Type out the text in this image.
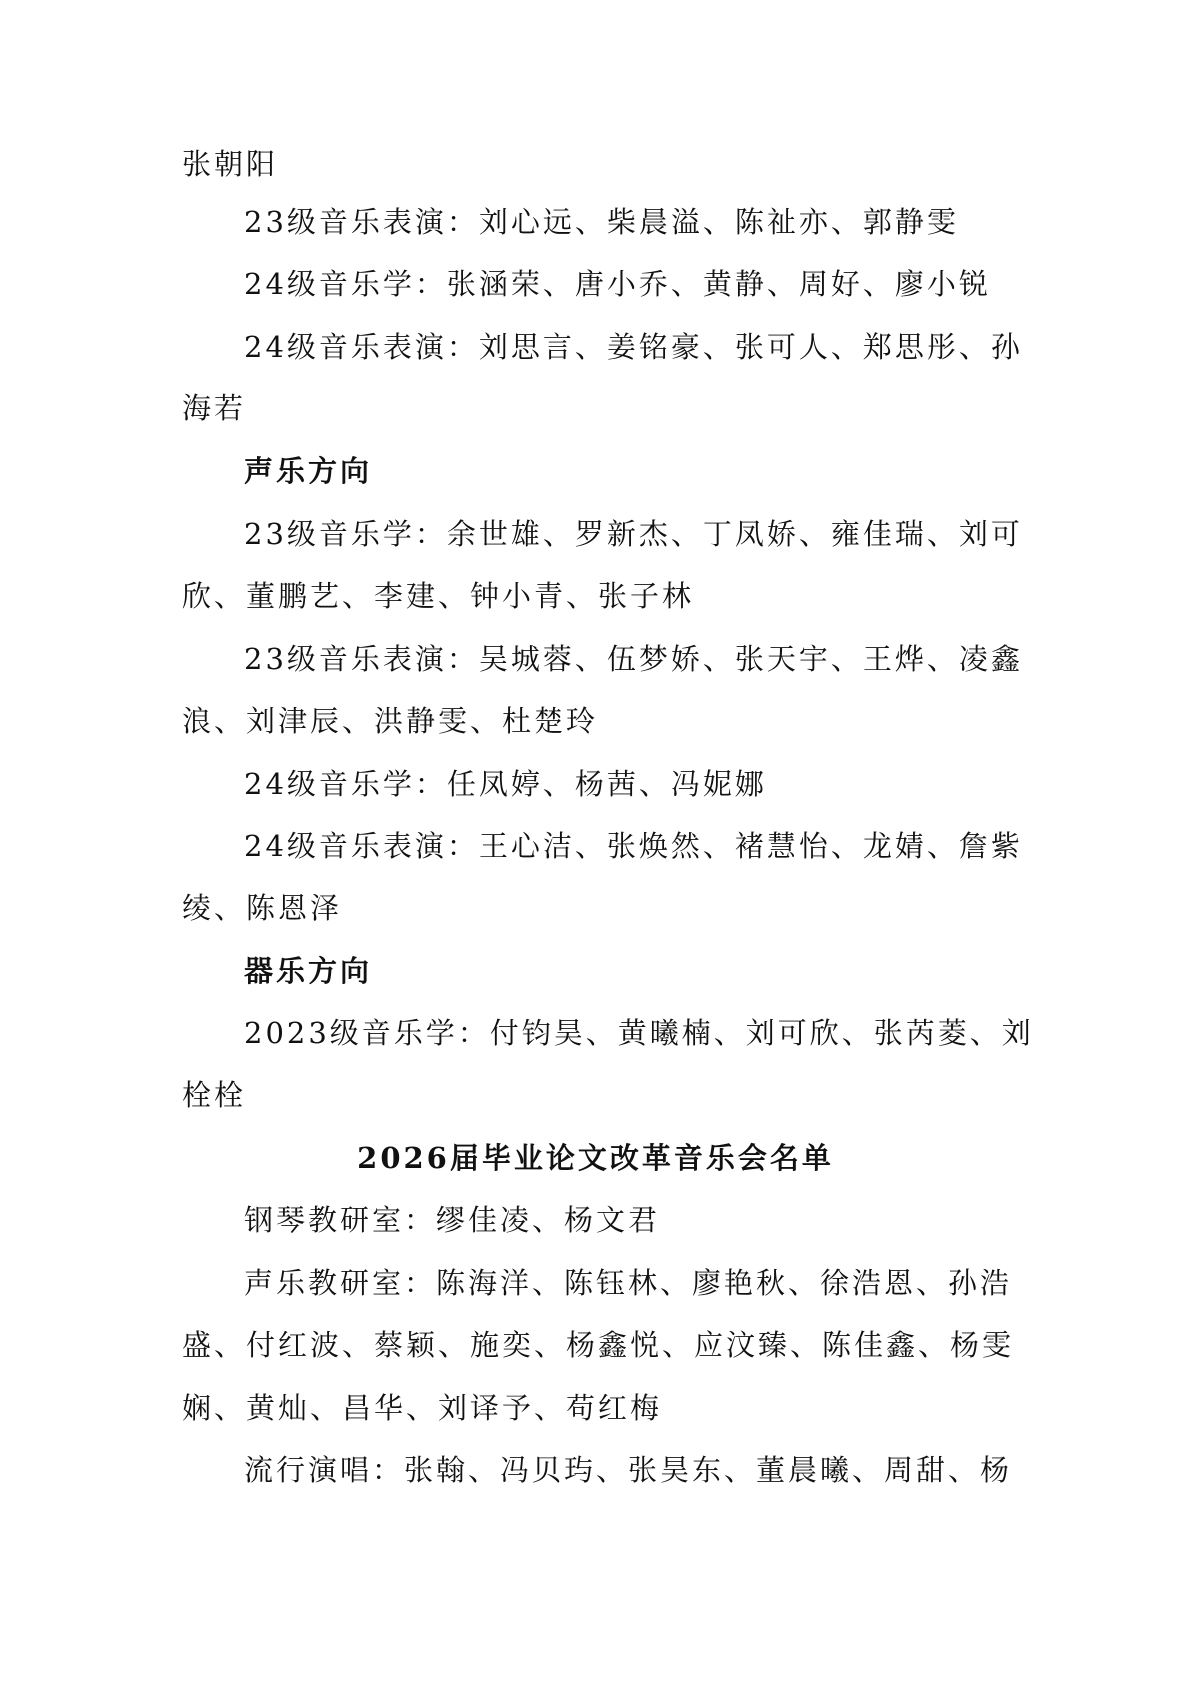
张朝阳
23级音乐表演：刘心远、柴晨溢、陈祉亦、郭静雯
24级音乐学：张涵荣、唐小乔、黄静、周好、廖小锐
24级音乐表演：刘思言、姜铭豪、张可人、郑思彤、孙
海若
声乐方向
23级音乐学：余世雄、罗新杰、丁凤娇、雍佳瑞、刘可
欣、董鹏艺、李建、钟小青、张子林
23级音乐表演：吴城蓉、伍梦娇、张天宇、王烨、凌鑫
浪、刘津辰、洪静雯、杜楚玲
24级音乐学：任凤婷、杨茜、冯妮娜
24级音乐表演：王心洁、张焕然、褚慧怡、龙婧、詹紫
绫、陈恩泽
器乐方向
2023级音乐学：付钧昊、黄曦楠、刘可欣、张芮菱、刘
栓栓
2026届毕业论文改革音乐会名单
钢琴教研室：缪佳凌、杨文君
声乐教研室：陈海洋、陈钰林、廖艳秋、徐浩恩、孙浩
盛、付红波、蔡颖、施奕、杨鑫悦、应汶臻、陈佳鑫、杨雯
娴、黄灿、昌华、刘译予、苟红梅
流行演唱：张翰、冯贝玙、张昊东、董晨曦、周甜、杨
